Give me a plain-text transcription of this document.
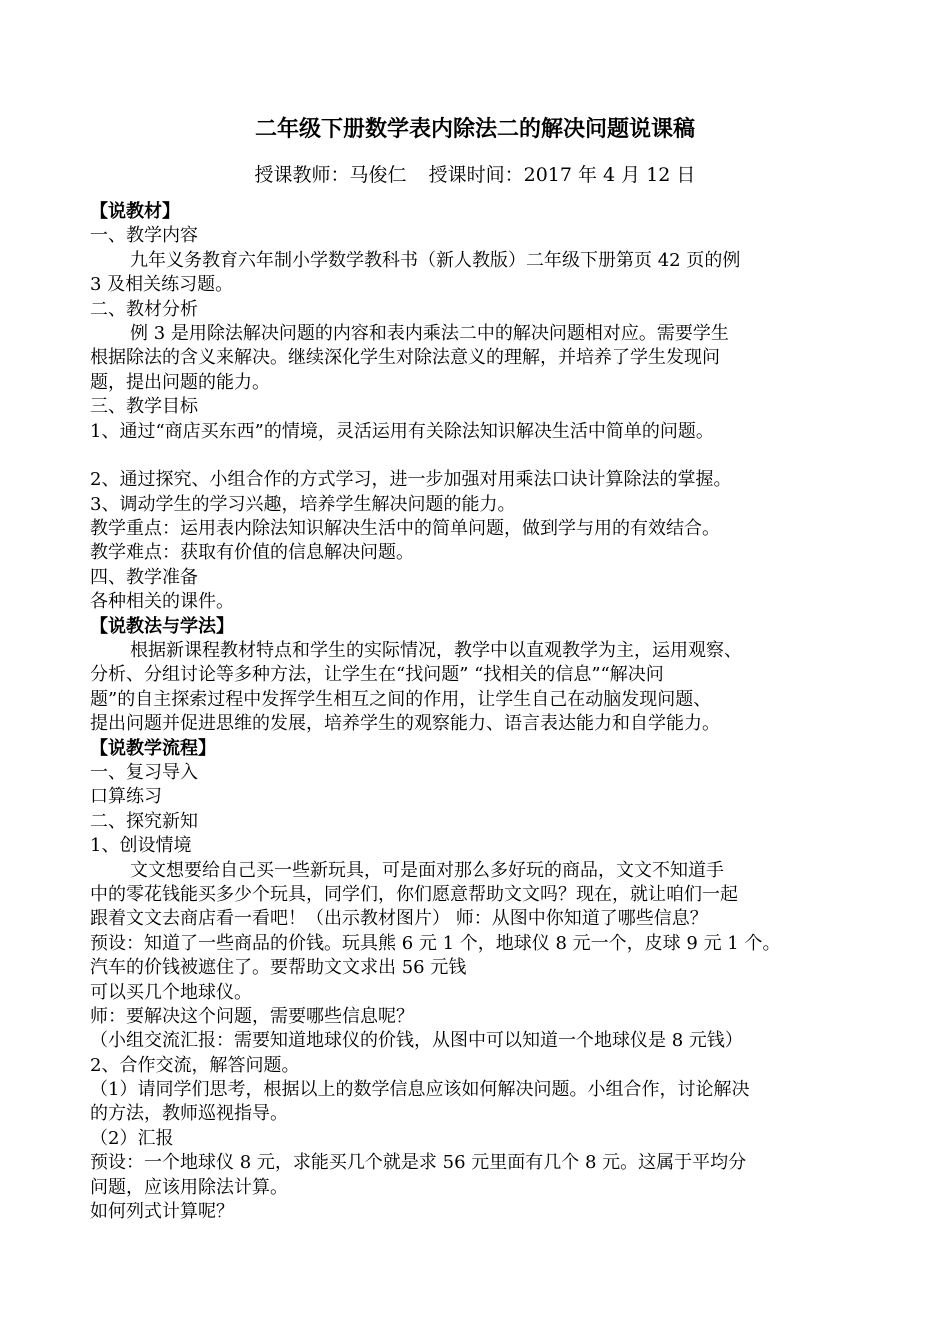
二年级下册数学表内除法二的解决问题说课稿
授课教师：马俊仁 授课时间：2017 年 4 月 12 日
【说教材】
一、教学内容
九年义务教育六年制小学数学教科书（新人教版）二年级下册第页 42 页的例
3 及相关练习题。
二、教材分析
例 3 是用除法解决问题的内容和表内乘法二中的解决问题相对应。需要学生
根据除法的含义来解决。继续深化学生对除法意义的理解，并培养了学生发现问
题，提出问题的能力。
三、教学目标
1、通过“商店买东西”的情境，灵活运用有关除法知识解决生活中简单的问题。
2、通过探究、小组合作的方式学习，进一步加强对用乘法口诀计算除法的掌握。
3、调动学生的学习兴趣，培养学生解决问题的能力。
教学重点：运用表内除法知识解决生活中的简单问题，做到学与用的有效结合。
教学难点：获取有价值的信息解决问题。
四、教学准备
各种相关的课件。
【说教法与学法】
根据新课程教材特点和学生的实际情况，教学中以直观教学为主，运用观察、
分析、分组讨论等多种方法，让学生在“找问题” “找相关的信息”“解决问
题”的自主探索过程中发挥学生相互之间的作用，让学生自己在动脑发现问题、
提出问题并促进思维的发展，培养学生的观察能力、语言表达能力和自学能力。
【说教学流程】
一、复习导入
口算练习
二、探究新知
1、创设情境
文文想要给自己买一些新玩具，可是面对那么多好玩的商品，文文不知道手
中的零花钱能买多少个玩具，同学们，你们愿意帮助文文吗？现在，就让咱们一起
跟着文文去商店看一看吧！（出示教材图片） 师：从图中你知道了哪些信息？
预设：知道了一些商品的价钱。玩具熊 6 元 1 个，地球仪 8 元一个，皮球 9 元 1 个。
汽车的价钱被遮住了。要帮助文文求出 56 元钱
可以买几个地球仪。
师：要解决这个问题，需要哪些信息呢？
（小组交流汇报：需要知道地球仪的价钱，从图中可以知道一个地球仪是 8 元钱）
2、合作交流，解答问题。
（1）请同学们思考，根据以上的数学信息应该如何解决问题。小组合作，讨论解决
的方法，教师巡视指导。
（2）汇报
预设：一个地球仪 8 元，求能买几个就是求 56 元里面有几个 8 元。这属于平均分
问题，应该用除法计算。
如何列式计算呢？
